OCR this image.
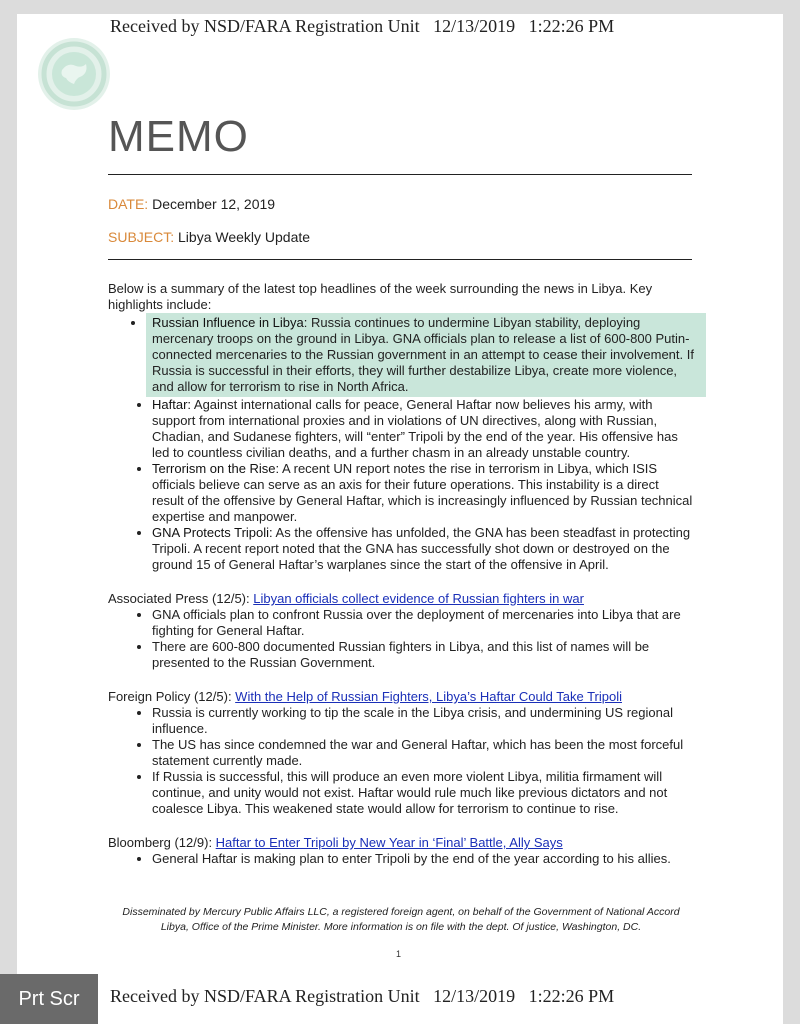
Received by NSD/FARA Registration Unit   12/13/2019   1:22:26 PM
MEMO
DATE: December 12, 2019
SUBJECT: Libya Weekly Update

Below is a summary of the latest top headlines of the week surrounding the news in Libya. Key highlights include:

• Russian Influence in Libya: Russia continues to undermine Libyan stability, deploying mercenary troops on the ground in Libya. GNA officials plan to release a list of 600-800 Putin-connected mercenaries to the Russian government in an attempt to cease their involvement. If Russia is successful in their efforts, they will further destabilize Libya, create more violence, and allow for terrorism to rise in North Africa.
• Haftar: Against international calls for peace, General Haftar now believes his army, with support from international proxies and in violations of UN directives, along with Russian, Chadian, and Sudanese fighters, will “enter” Tripoli by the end of the year. His offensive has led to countless civilian deaths, and a further chasm in an already unstable country.
• Terrorism on the Rise: A recent UN report notes the rise in terrorism in Libya, which ISIS officials believe can serve as an axis for their future operations. This instability is a direct result of the offensive by General Haftar, which is increasingly influenced by Russian technical expertise and manpower.
• GNA Protects Tripoli: As the offensive has unfolded, the GNA has been steadfast in protecting Tripoli. A recent report noted that the GNA has successfully shot down or destroyed on the ground 15 of General Haftar’s warplanes since the start of the offensive in April.

Associated Press (12/5): Libyan officials collect evidence of Russian fighters in war

• GNA officials plan to confront Russia over the deployment of mercenaries into Libya that are fighting for General Haftar.
• There are 600-800 documented Russian fighters in Libya, and this list of names will be presented to the Russian Government.

Foreign Policy (12/5): With the Help of Russian Fighters, Libya’s Haftar Could Take Tripoli

• Russia is currently working to tip the scale in the Libya crisis, and undermining US regional influence.
• The US has since condemned the war and General Haftar, which has been the most forceful statement currently made.
• If Russia is successful, this will produce an even more violent Libya, militia firmament will continue, and unity would not exist. Haftar would rule much like previous dictators and not coalesce Libya. This weakened state would allow for terrorism to continue to rise.

Bloomberg (12/9): Haftar to Enter Tripoli by New Year in ‘Final’ Battle, Ally Says

• General Haftar is making plan to enter Tripoli by the end of the year according to his allies.
Disseminated by Mercury Public Affairs LLC, a registered foreign agent, on behalf of the Government of National Accord Libya, Office of the Prime Minister. More information is on file with the dept. Of justice, Washington, DC.
1
Received by NSD/FARA Registration Unit   12/13/2019   1:22:26 PM
Prt Scr
